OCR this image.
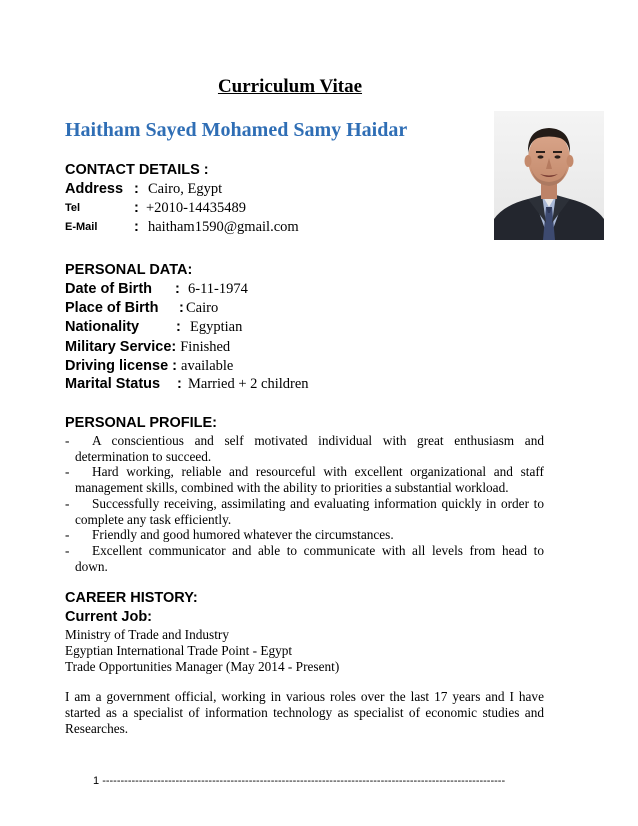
Curriculum Vitae
Haitham Sayed Mohamed Samy Haidar
CONTACT DETAILS :
Address : Cairo, Egypt
Tel	: +2010-14435489
E-Mail	: haitham1590@gmail.com
PERSONAL DATA:
Date of Birth : 6-11-1974
Place of Birth : Cairo
Nationality	: Egyptian
Military Service: Finished
Driving license : available
Marital Status : Married + 2 children
PERSONAL PROFILE:
-	A conscientious and self motivated individual with great enthusiasm and
determination to succeed.
-	Hard working, reliable and resourceful with excellent organizational and staff
management skills, combined with the ability to priorities a substantial workload.
-	Successfully receiving, assimilating and evaluating information quickly in order to
complete any task efficiently.
-	Friendly and good humored whatever the circumstances.
-	Excellent communicator and able to communicate with all levels from head to
down.
CAREER HISTORY:
Current Job:
Ministry of Trade and Industry
Egyptian International Trade Point - Egypt
Trade Opportunities Manager (May 2014 - Present)
I am a government official, working in various roles over the last 17 years and I have
started as a specialist of information technology as specialist of economic studies and
Researches.
1 --------------------------------------------------------------------------------------------------------------
